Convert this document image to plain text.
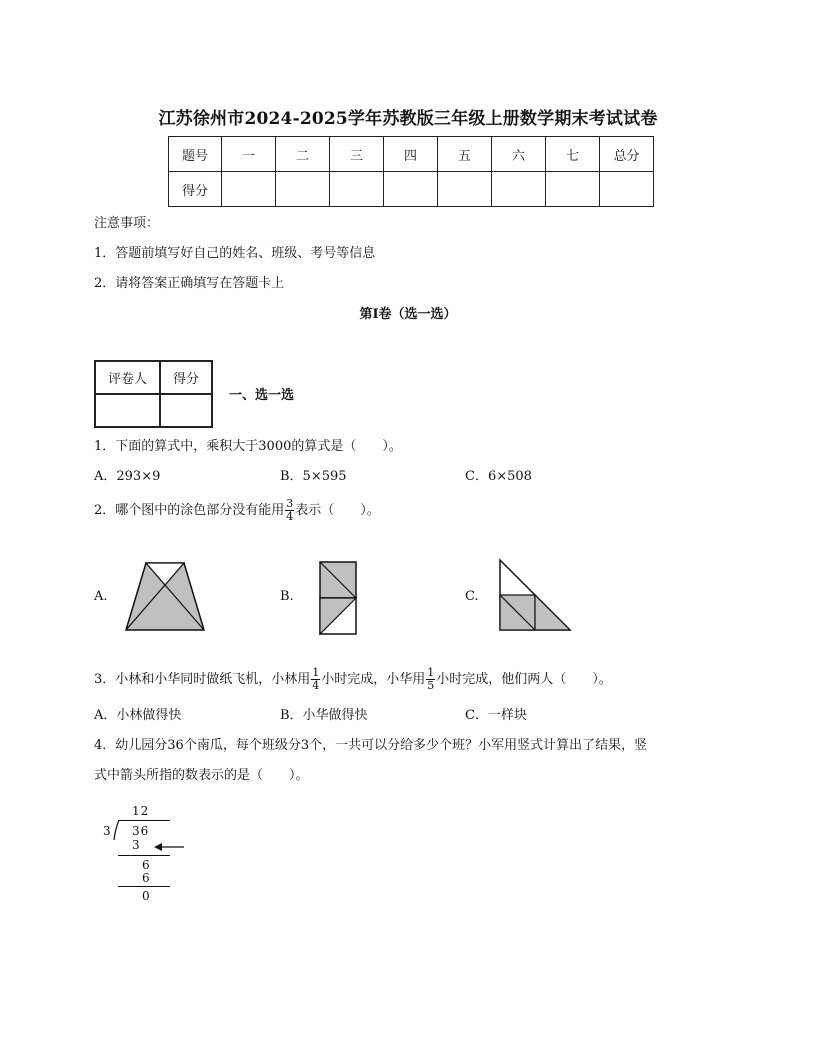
江苏徐州市2024-2025学年苏教版三年级上册数学期末考试试卷
题号	一	二	三	四	五	六	七	总分
得分								
注意事项：
1．答题前填写好自己的姓名、班级、考号等信息
2．请将答案正确填写在答题卡上
第I卷（选一选）
评卷人	得分

一、选一选
1．下面的算式中，乘积大于3000的算式是（　　）。
A．293×9	B．5×595	C．6×508
2．哪个图中的涂色部分没有能用 $\frac{3}{4}$ 表示（　　）。
A.	B.	C.
3．小林和小华同时做纸飞机，小林用 $\frac{1}{4}$ 小时完成，小华用 $\frac{1}{5}$ 小时完成，他们两人（　　）。
A．小林做得快	B．小华做得快	C．一样块
4．幼儿园分36个南瓜，每个班级分3个，一共可以分给多少个班？小军用竖式计算出了结果，竖
式中箭头所指的数表示的是（　　）。
12
3 36
3
6
6
0
